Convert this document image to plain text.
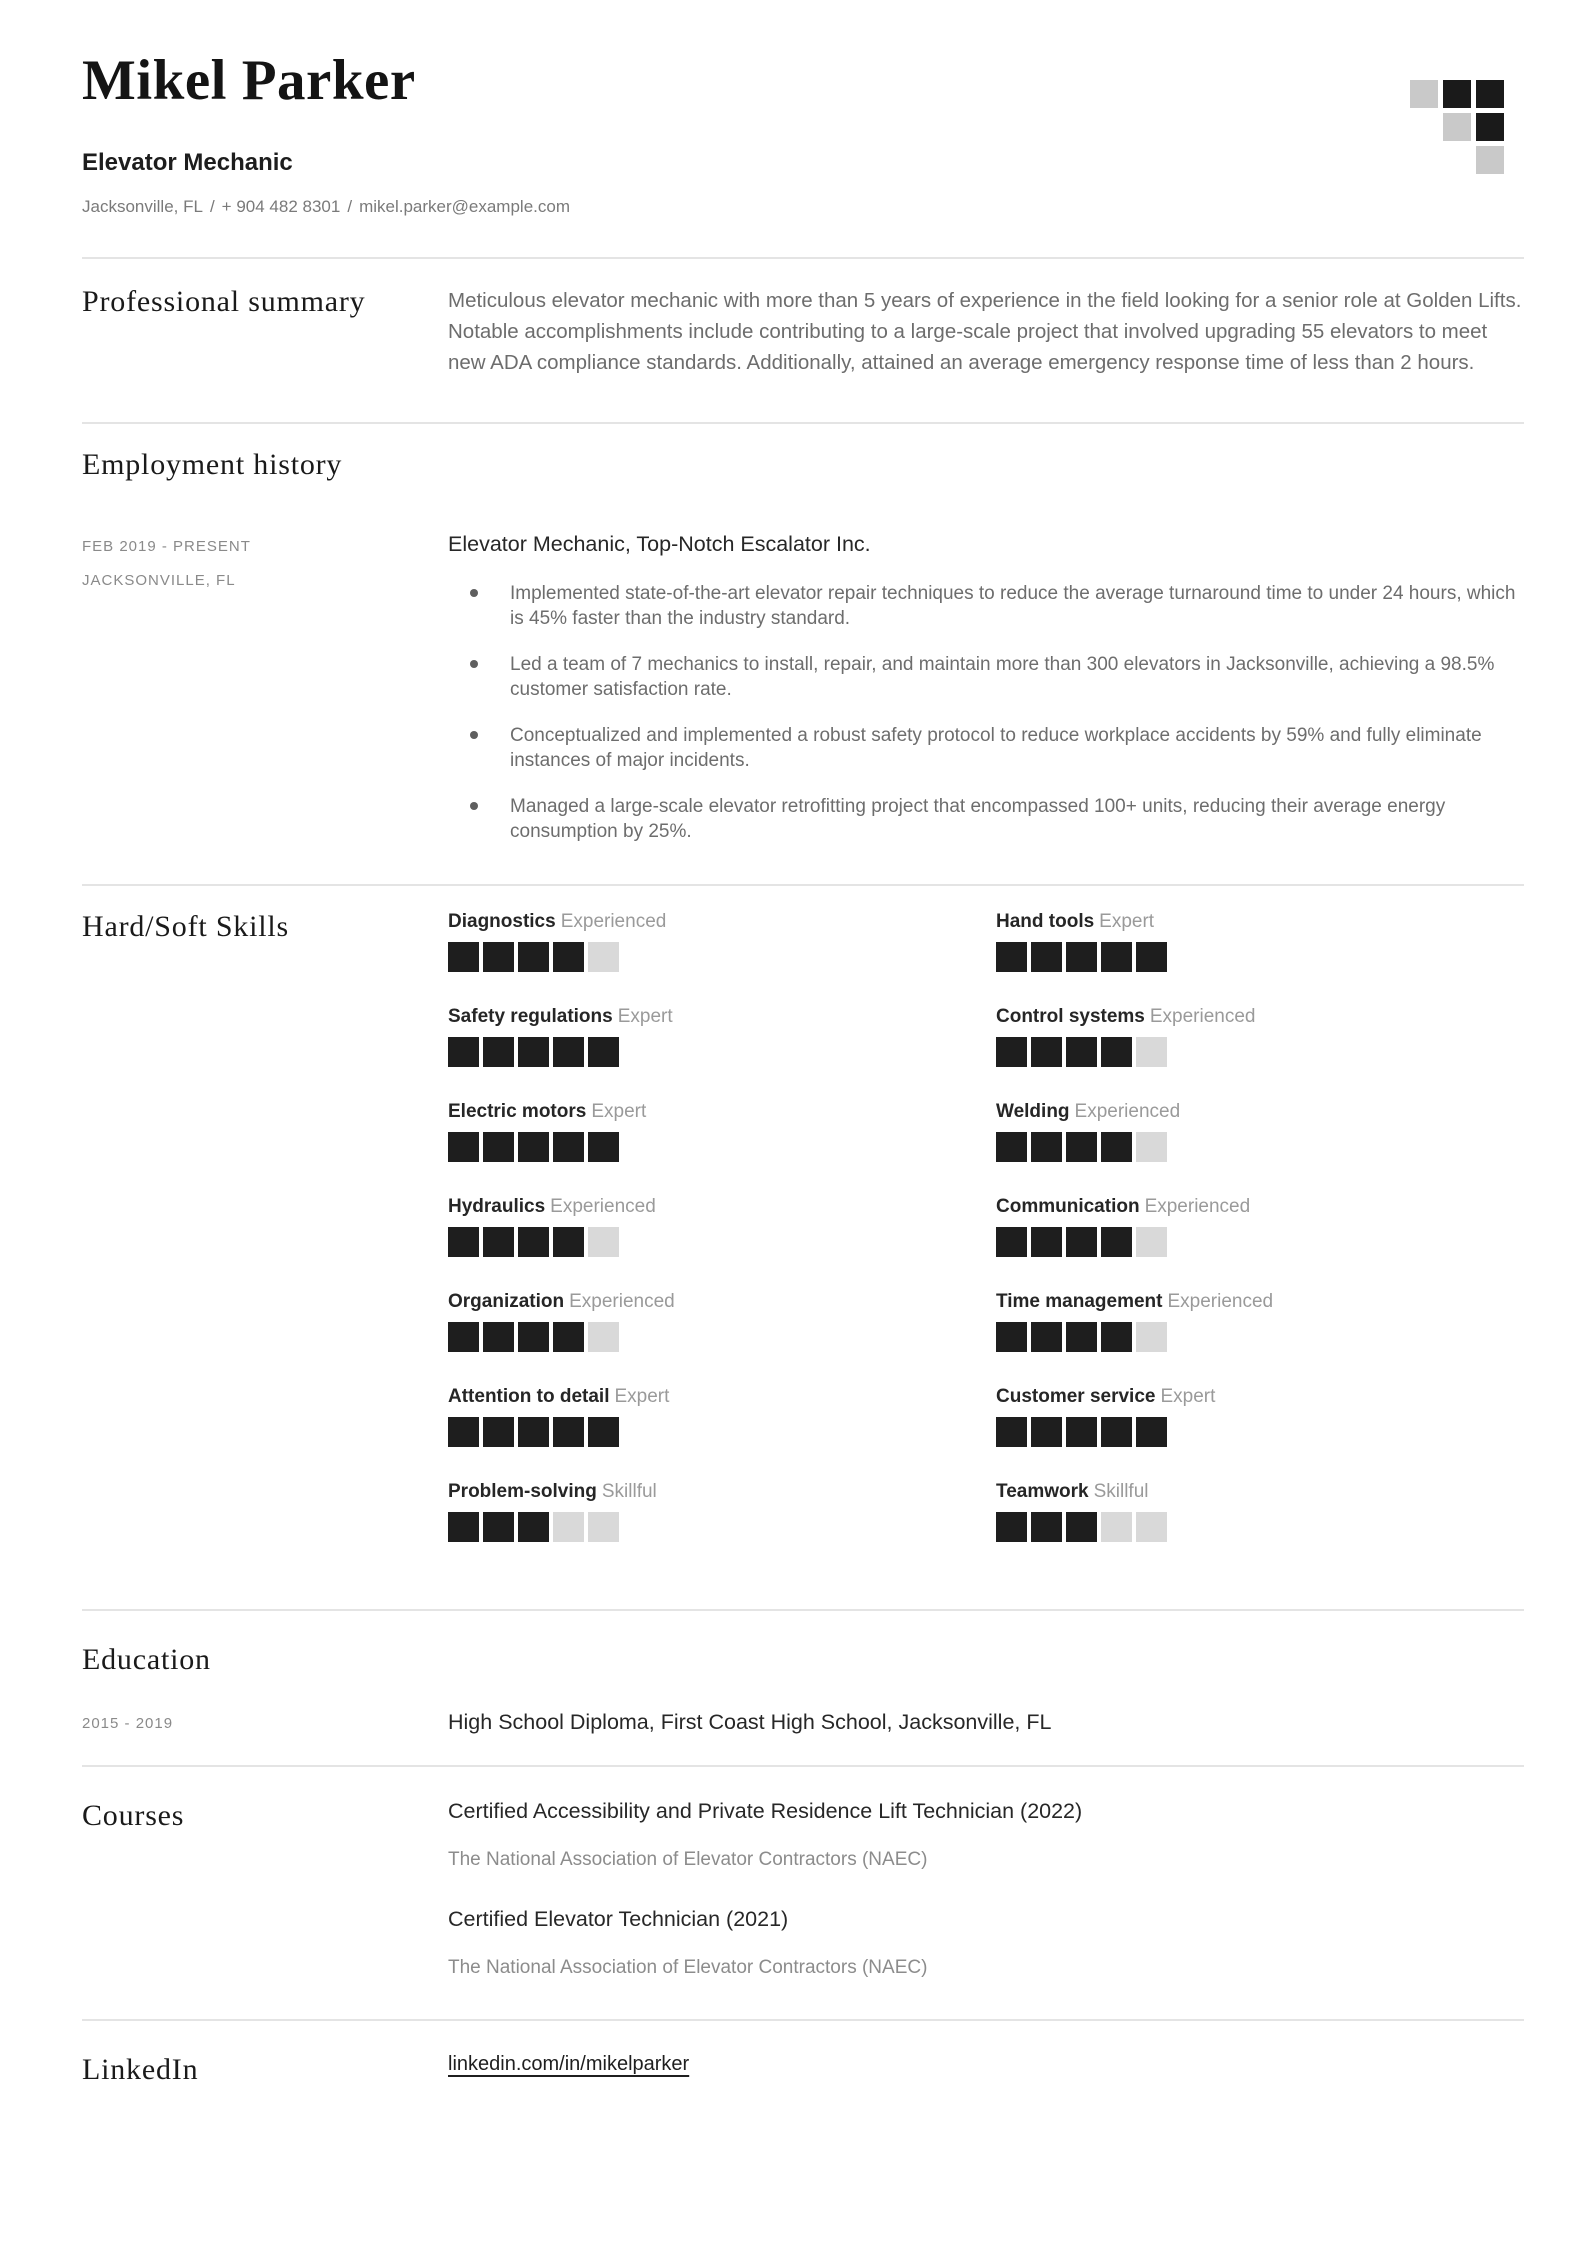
Mikel Parker
Elevator Mechanic
Jacksonville, FL / + 904 482 8301 / mikel.parker@example.com
Professional summary	Meticulous elevator mechanic with more than 5 years of experience in the field looking for a senior role at Golden Lifts. Notable accomplishments include contributing to a large-scale project that involved upgrading 55 elevators to meet new ADA compliance standards. Additionally, attained an average emergency response time of less than 2 hours.
Employment history
FEB 2019 - PRESENT
JACKSONVILLE, FL
Elevator Mechanic, Top-Notch Escalator Inc.
Implemented state-of-the-art elevator repair techniques to reduce the average turnaround time to under 24 hours, which is 45% faster than the industry standard.
Led a team of 7 mechanics to install, repair, and maintain more than 300 elevators in Jacksonville, achieving a 98.5% customer satisfaction rate.
Conceptualized and implemented a robust safety protocol to reduce workplace accidents by 59% and fully eliminate instances of major incidents.
Managed a large-scale elevator retrofitting project that encompassed 100+ units, reducing their average energy consumption by 25%.
Hard/Soft Skills	Diagnostics Experienced	Hand tools Expert
Safety regulations Expert	Control systems Experienced
Electric motors Expert	Welding Experienced
Hydraulics Experienced	Communication Experienced
Organization Experienced	Time management Experienced
Attention to detail Expert	Customer service Expert
Problem-solving Skillful	Teamwork Skillful
Education
2015 - 2019	High School Diploma, First Coast High School, Jacksonville, FL
Courses	Certified Accessibility and Private Residence Lift Technician (2022)
The National Association of Elevator Contractors (NAEC)
Certified Elevator Technician (2021)
The National Association of Elevator Contractors (NAEC)
LinkedIn	linkedin.com/in/mikelparker
